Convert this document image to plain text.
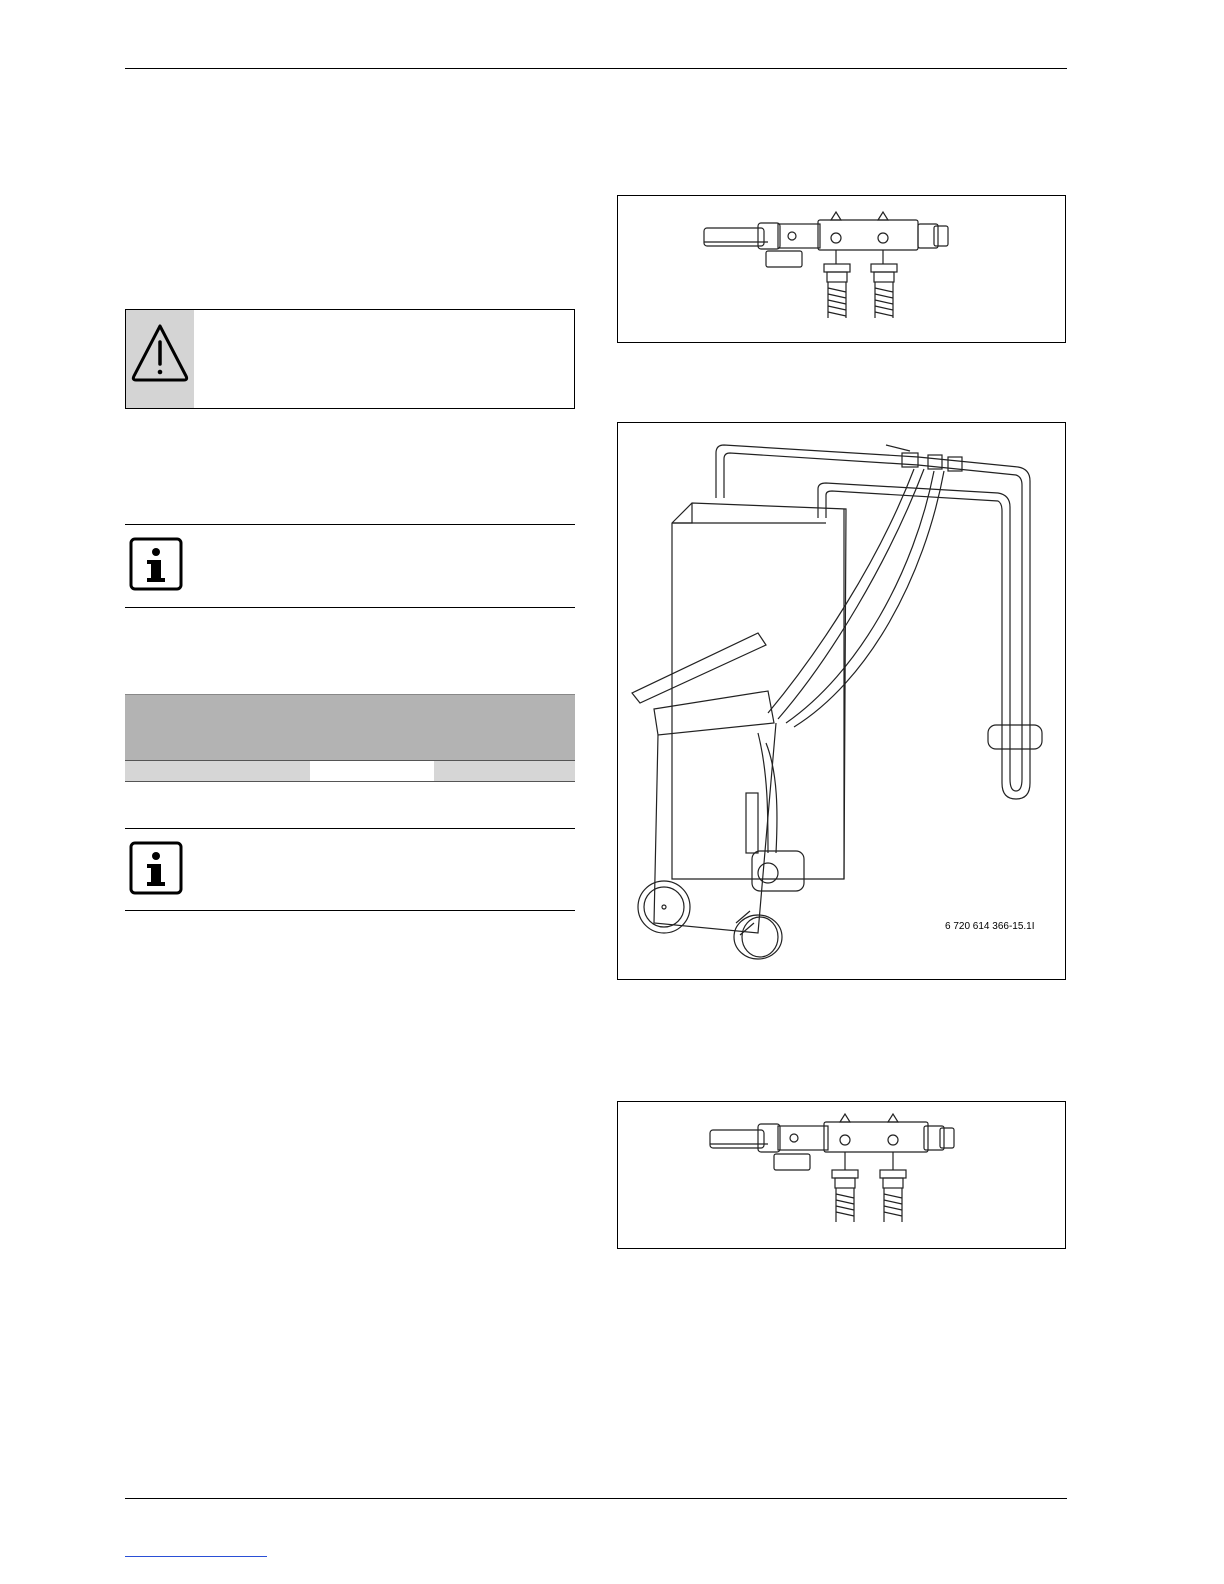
6 720 614 366-15.1I
